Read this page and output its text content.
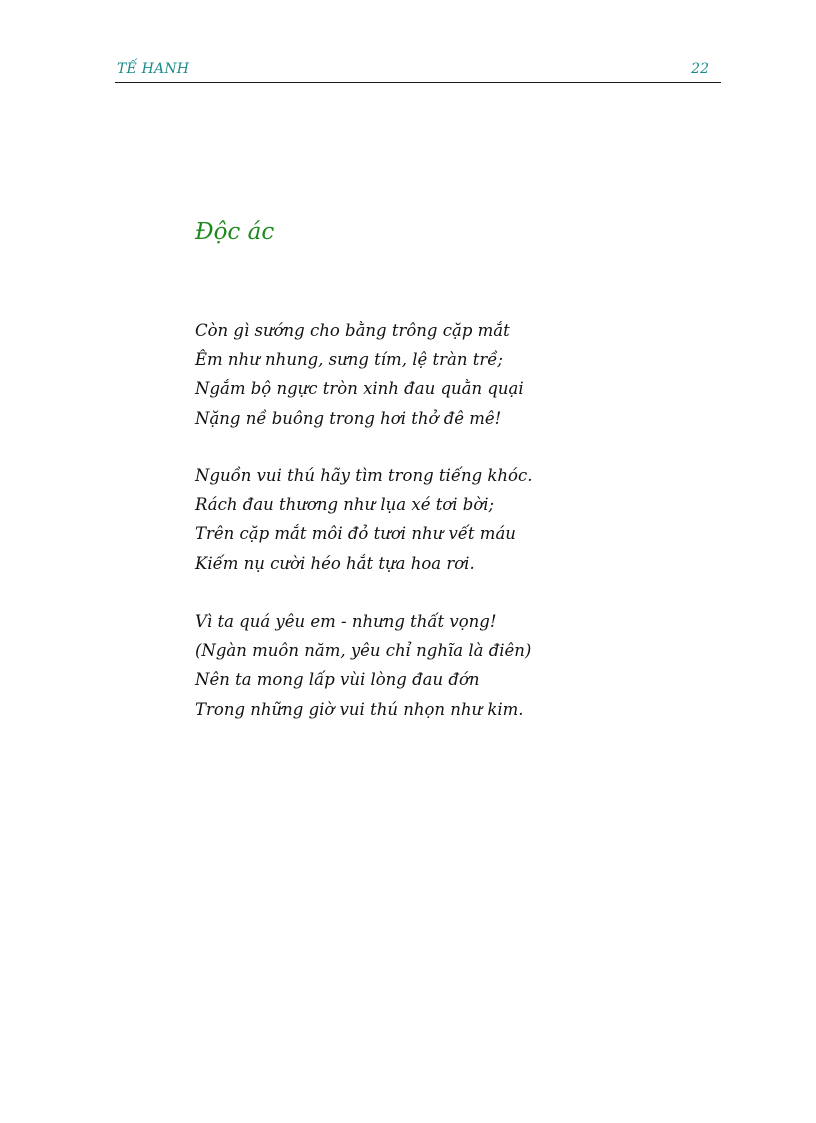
TẾ HANH	22
Độc ác
Còn gì sướng cho bằng trông cặp mắt
Êm như nhung, sưng tím, lệ tràn trề;
Ngắm bộ ngực tròn xinh đau quằn quại
Nặng nề buông trong hơi thở đê mê!
Nguồn vui thú hãy tìm trong tiếng khóc.
Rách đau thương như lụa xé tơi bời;
Trên cặp mắt môi đỏ tươi như vết máu
Kiếm nụ cười héo hắt tựa hoa rơi.
Vì ta quá yêu em - nhưng thất vọng!
(Ngàn muôn năm, yêu chỉ nghĩa là điên)
Nên ta mong lấp vùi lòng đau đớn
Trong những giờ vui thú nhọn như kim.
